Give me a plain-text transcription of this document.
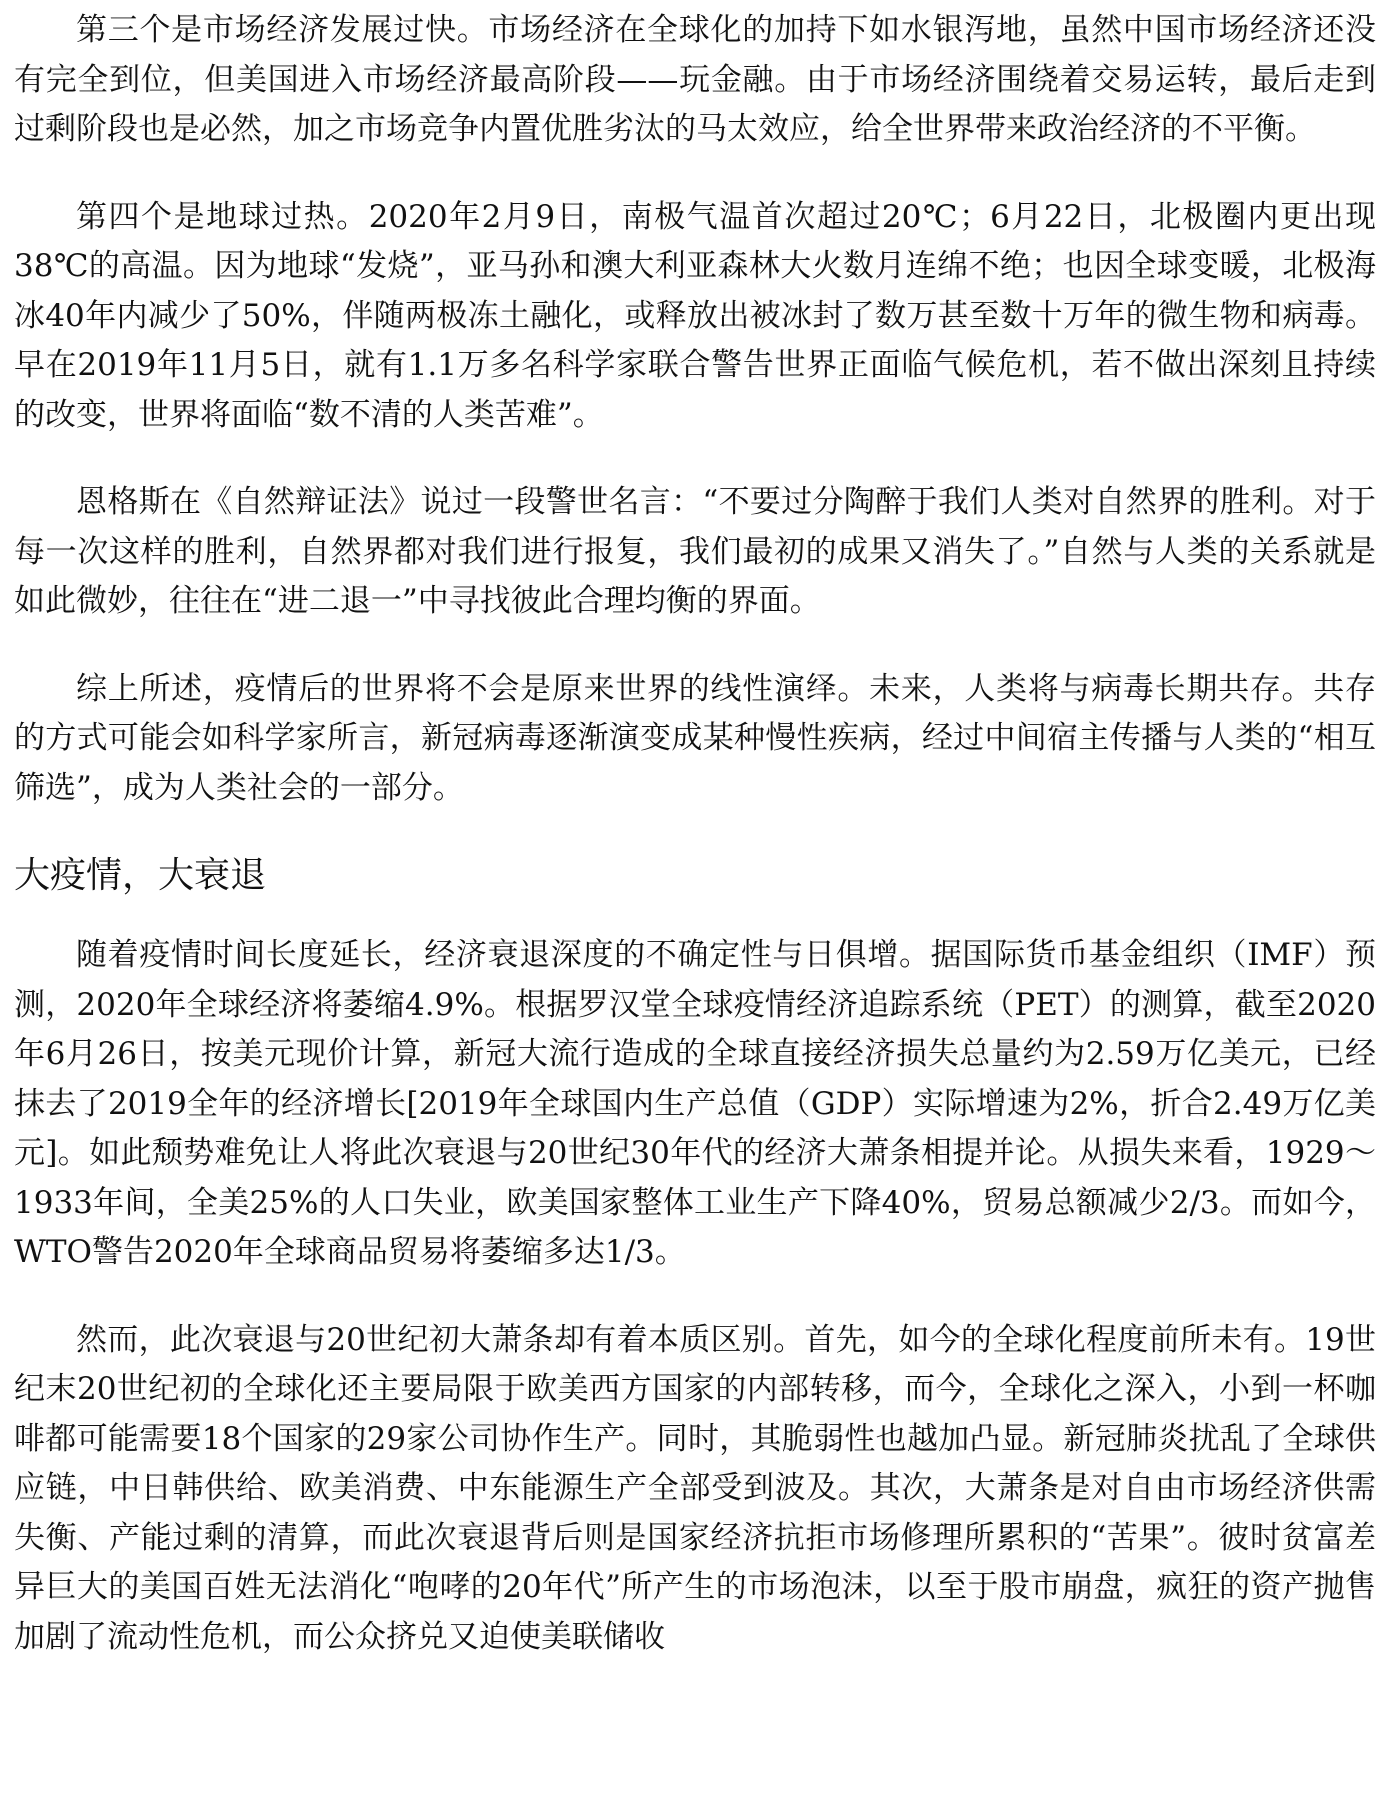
第三个是市场经济发展过快。市场经济在全球化的加持下如水银泻地，虽然中国市场经济还没有完全到位，但美国进入市场经济最高阶段——玩金融。由于市场经济围绕着交易运转，最后走到过剩阶段也是必然，加之市场竞争内置优胜劣汰的马太效应，给全世界带来政治经济的不平衡。

第四个是地球过热。2020年2月9日，南极气温首次超过20℃；6月22日，北极圈内更出现38℃的高温。因为地球“发烧”，亚马孙和澳大利亚森林大火数月连绵不绝；也因全球变暖，北极海冰40年内减少了50%，伴随两极冻土融化，或释放出被冰封了数万甚至数十万年的微生物和病毒。早在2019年11月5日，就有1.1万多名科学家联合警告世界正面临气候危机，若不做出深刻且持续的改变，世界将面临“数不清的人类苦难”。

恩格斯在《自然辩证法》说过一段警世名言：“不要过分陶醉于我们人类对自然界的胜利。对于每一次这样的胜利，自然界都对我们进行报复，我们最初的成果又消失了。”自然与人类的关系就是如此微妙，往往在“进二退一”中寻找彼此合理均衡的界面。

综上所述，疫情后的世界将不会是原来世界的线性演绎。未来，人类将与病毒长期共存。共存的方式可能会如科学家所言，新冠病毒逐渐演变成某种慢性疾病，经过中间宿主传播与人类的“相互筛选”，成为人类社会的一部分。

大疫情，大衰退

随着疫情时间长度延长，经济衰退深度的不确定性与日俱增。据国际货币基金组织（IMF）预测，2020年全球经济将萎缩4.9%。根据罗汉堂全球疫情经济追踪系统（PET）的测算，截至2020年6月26日，按美元现价计算，新冠大流行造成的全球直接经济损失总量约为2.59万亿美元，已经抹去了2019全年的经济增长[2019年全球国内生产总值（GDP）实际增速为2%，折合2.49万亿美元]。如此颓势难免让人将此次衰退与20世纪30年代的经济大萧条相提并论。从损失来看，1929～1933年间，全美25%的人口失业，欧美国家整体工业生产下降40%，贸易总额减少2/3。而如今，WTO警告2020年全球商品贸易将萎缩多达1/3。

然而，此次衰退与20世纪初大萧条却有着本质区别。首先，如今的全球化程度前所未有。19世纪末20世纪初的全球化还主要局限于欧美西方国家的内部转移，而今，全球化之深入，小到一杯咖啡都可能需要18个国家的29家公司协作生产。同时，其脆弱性也越加凸显。新冠肺炎扰乱了全球供应链，中日韩供给、欧美消费、中东能源生产全部受到波及。其次，大萧条是对自由市场经济供需失衡、产能过剩的清算，而此次衰退背后则是国家经济抗拒市场修理所累积的“苦果”。彼时贫富差异巨大的美国百姓无法消化“咆哮的20年代”所产生的市场泡沫，以至于股市崩盘，疯狂的资产抛售加剧了流动性危机，而公众挤兑又迫使美联储收
